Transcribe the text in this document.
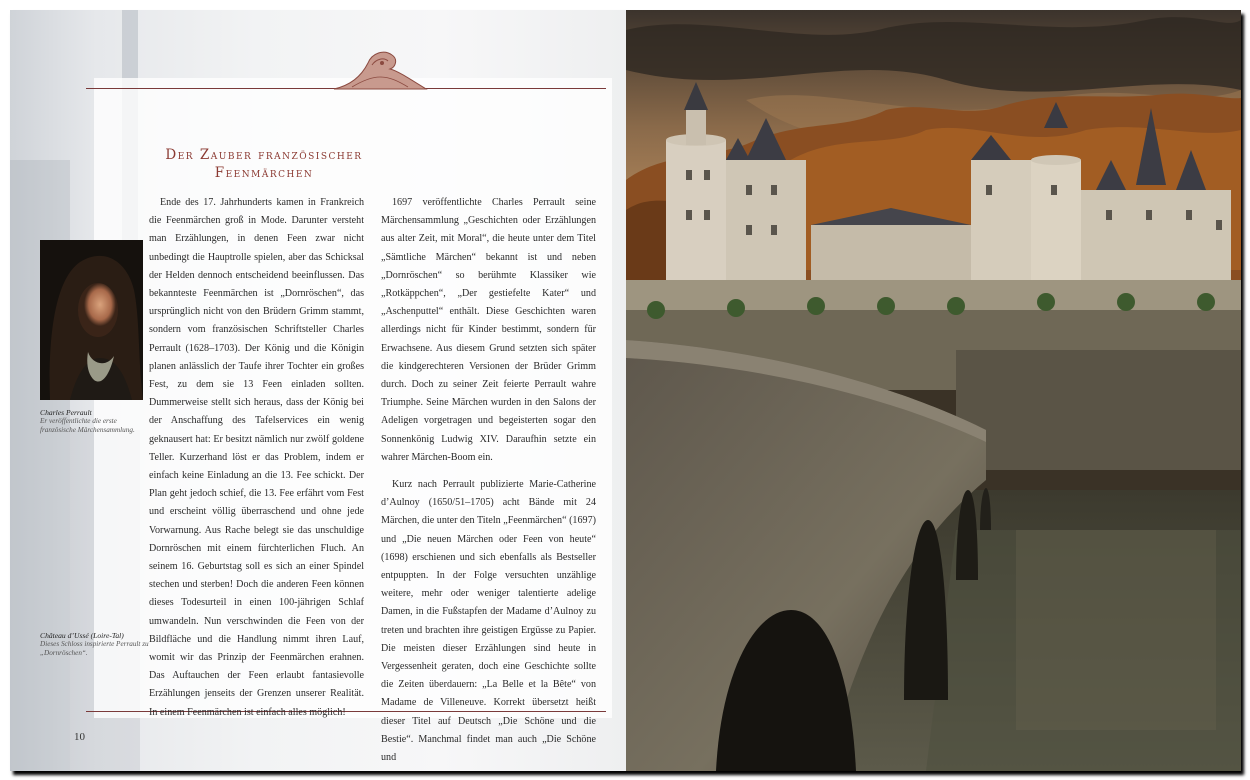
Der Zauber französischer
Feenmärchen

Ende des 17. Jahrhunderts kamen in Frankreich die Feenmärchen groß in Mode. Darunter versteht man Erzählungen, in denen Feen zwar nicht unbedingt die Hauptrolle spielen, aber das Schicksal der Helden dennoch entscheidend beeinflussen. Das bekannteste Feenmärchen ist „Dornröschen“, das ursprünglich nicht von den Brüdern Grimm stammt, sondern vom französischen Schriftsteller Charles Perrault (1628–1703). Der König und die Königin planen anlässlich der Taufe ihrer Tochter ein großes Fest, zu dem sie 13 Feen einladen sollten. Dummerweise stellt sich heraus, dass der König bei der Anschaffung des Tafelservices ein wenig geknausert hat: Er besitzt nämlich nur zwölf goldene Teller. Kurzerhand löst er das Problem, indem er einfach keine Einladung an die 13. Fee schickt. Der Plan geht jedoch schief, die 13. Fee erfährt vom Fest und erscheint völlig überraschend und ohne jede Vorwarnung. Aus Rache belegt sie das unschuldige Dornröschen mit einem fürchterlichen Fluch. An seinem 16. Geburtstag soll es sich an einer Spindel stechen und sterben! Doch die anderen Feen können dieses Todesurteil in einen 100-jährigen Schlaf umwandeln. Nun verschwinden die Feen von der Bildfläche und die Handlung nimmt ihren Lauf, womit wir das Prinzip der Feenmärchen erahnen. Das Auftauchen der Feen erlaubt fantasievolle Erzählungen jenseits der Grenzen unserer Realität. In einem Feenmärchen ist einfach alles möglich!

1697 veröffentlichte Charles Perrault seine Märchensammlung „Geschichten oder Erzählungen aus alter Zeit, mit Moral“, die heute unter dem Titel „Sämtliche Märchen“ bekannt ist und neben „Dornröschen“ so berühmte Klassiker wie „Rotkäppchen“, „Der gestiefelte Kater“ und „Aschenputtel“ enthält. Diese Geschichten waren allerdings nicht für Kinder bestimmt, sondern für Erwachsene. Aus diesem Grund setzten sich später die kindgerechteren Versionen der Brüder Grimm durch. Doch zu seiner Zeit feierte Perrault wahre Triumphe. Seine Märchen wurden in den Salons der Adeligen vorgetragen und begeisterten sogar den Sonnenkönig Ludwig XIV. Daraufhin setzte ein wahrer Märchen-Boom ein.

Kurz nach Perrault publizierte Marie-Catherine d’Aulnoy (1650/51–1705) acht Bände mit 24 Märchen, die unter den Titeln „Feenmärchen“ (1697) und „Die neuen Märchen oder Feen von heute“ (1698) erschienen und sich ebenfalls als Bestseller entpuppten. In der Folge versuchten unzählige weitere, mehr oder weniger talentierte adelige Damen, in die Fußstapfen der Madame d’Aulnoy zu treten und brachten ihre geistigen Ergüsse zu Papier. Die meisten dieser Erzählungen sind heute in Vergessenheit geraten, doch eine Geschichte sollte die Zeiten überdauern: „La Belle et la Bête“ von Madame de Villeneuve. Korrekt übersetzt heißt dieser Titel auf Deutsch „Die Schöne und die Bestie“. Manchmal findet man auch „Die Schöne und

Charles Perrault
Er veröffentlichte die erste französische Märchensammlung.
Château d’Ussé (Loire-Tal)
Dieses Schloss inspirierte Perrault zu „Dornröschen“.
10
